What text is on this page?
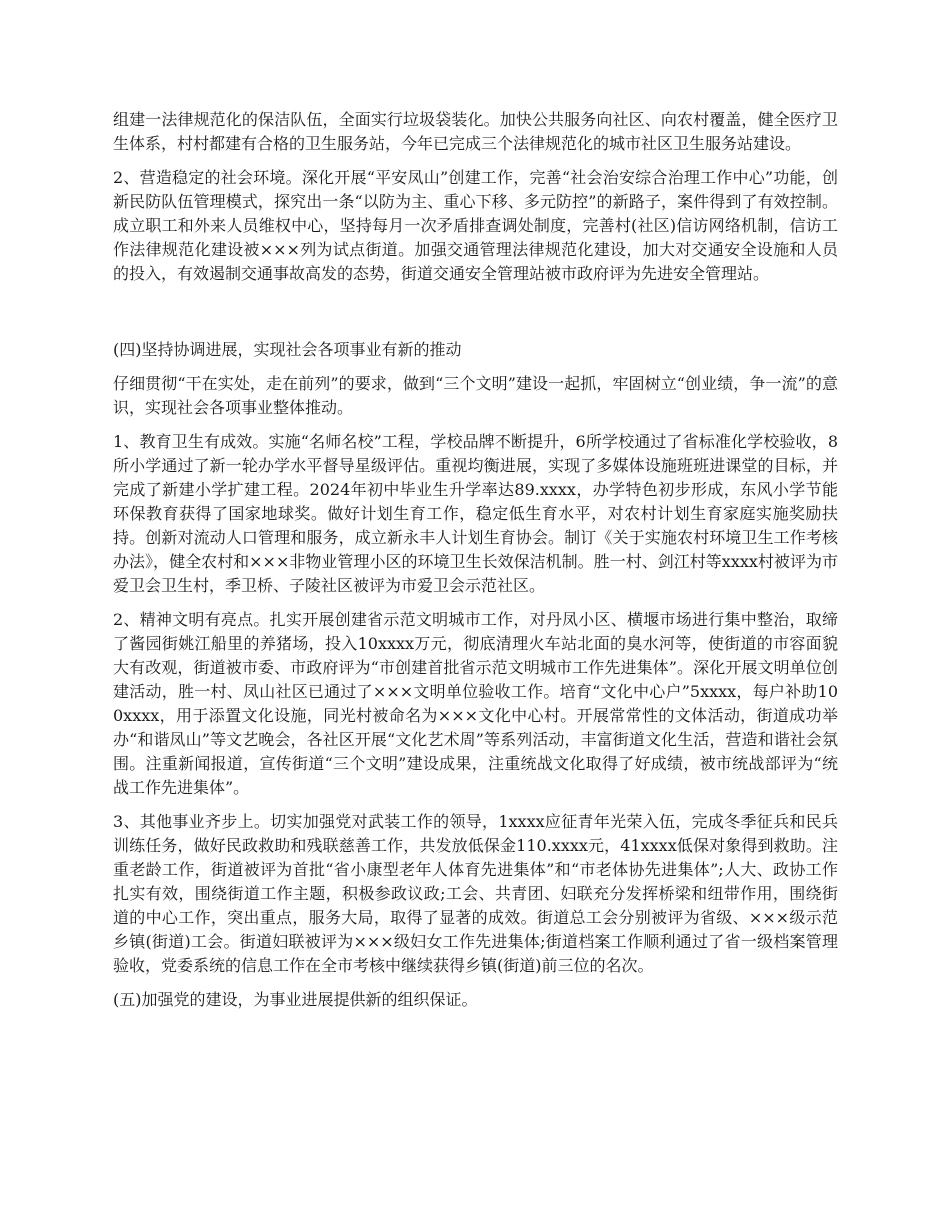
组建一法律规范化的保洁队伍，全面实行垃圾袋装化。加快公共服务向社区、向农村覆盖，健全医疗卫生体系，村村都建有合格的卫生服务站，今年已完成三个法律规范化的城市社区卫生服务站建设。

2、营造稳定的社会环境。深化开展“平安凤山”创建工作，完善“社会治安综合治理工作中心”功能，创新民防队伍管理模式，探究出一条“以防为主、重心下移、多元防控”的新路子，案件得到了有效控制。成立职工和外来人员维权中心，坚持每月一次矛盾排查调处制度，完善村(社区)信访网络机制，信访工作法律规范化建设被×××列为试点街道。加强交通管理法律规范化建设，加大对交通安全设施和人员的投入，有效遏制交通事故高发的态势，街道交通安全管理站被市政府评为先进安全管理站。

(四)坚持协调进展，实现社会各项事业有新的推动

仔细贯彻“干在实处，走在前列”的要求，做到“三个文明”建设一起抓，牢固树立“创业绩，争一流”的意识，实现社会各项事业整体推动。

1、教育卫生有成效。实施“名师名校”工程，学校品牌不断提升，6所学校通过了省标准化学校验收，8所小学通过了新一轮办学水平督导星级评估。重视均衡进展，实现了多媒体设施班班进课堂的目标，并完成了新建小学扩建工程。2024年初中毕业生升学率达89.xxxx，办学特色初步形成，东风小学节能环保教育获得了国家地球奖。做好计划生育工作，稳定低生育水平，对农村计划生育家庭实施奖励扶持。创新对流动人口管理和服务，成立新永丰人计划生育协会。制订《关于实施农村环境卫生工作考核办法》，健全农村和×××非物业管理小区的环境卫生长效保洁机制。胜一村、剑江村等xxxx村被评为市爱卫会卫生村，季卫桥、子陵社区被评为市爱卫会示范社区。

2、精神文明有亮点。扎实开展创建省示范文明城市工作，对丹凤小区、横堰市场进行集中整治，取缔了酱园街姚江船里的养猪场，投入10xxxx万元，彻底清理火车站北面的臭水河等，使街道的市容面貌大有改观，街道被市委、市政府评为“市创建首批省示范文明城市工作先进集体”。深化开展文明单位创建活动，胜一村、凤山社区已通过了×××文明单位验收工作。培育“文化中心户”5xxxx，每户补助100xxxx，用于添置文化设施，同光村被命名为×××文化中心村。开展常常性的文体活动，街道成功举办“和谐凤山”等文艺晚会，各社区开展“文化艺术周”等系列活动，丰富街道文化生活，营造和谐社会氛围。注重新闻报道，宣传街道“三个文明”建设成果，注重统战文化取得了好成绩，被市统战部评为“统战工作先进集体”。

3、其他事业齐步上。切实加强党对武装工作的领导，1xxxx应征青年光荣入伍，完成冬季征兵和民兵训练任务，做好民政救助和残联慈善工作，共发放低保金110.xxxx元，41xxxx低保对象得到救助。注重老龄工作，街道被评为首批“省小康型老年人体育先进集体”和“市老体协先进集体”;人大、政协工作扎实有效，围绕街道工作主题，积极参政议政;工会、共青团、妇联充分发挥桥梁和纽带作用，围绕街道的中心工作，突出重点，服务大局，取得了显著的成效。街道总工会分别被评为省级、×××级示范乡镇(街道)工会。街道妇联被评为×××级妇女工作先进集体;街道档案工作顺利通过了省一级档案管理验收，党委系统的信息工作在全市考核中继续获得乡镇(街道)前三位的名次。

(五)加强党的建设，为事业进展提供新的组织保证。
